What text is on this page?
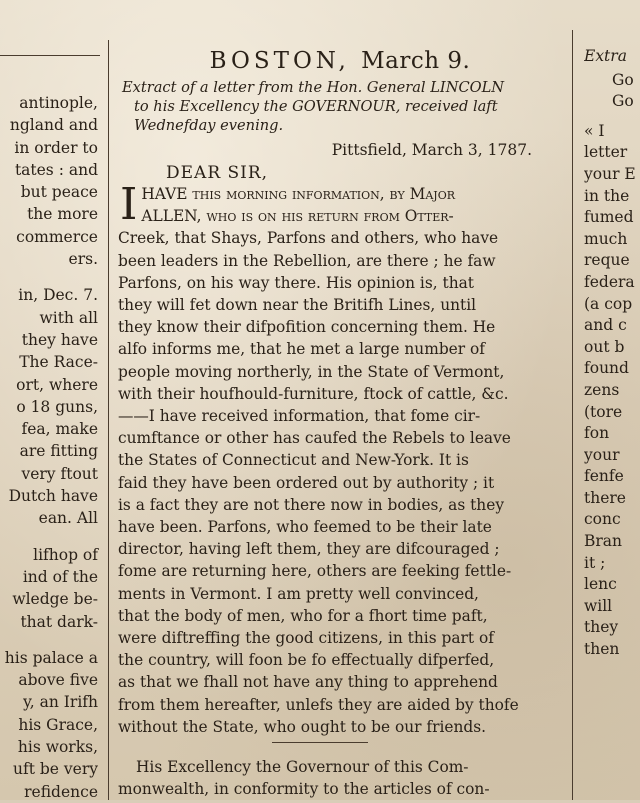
antinople,
ngland and
in order to
tates : and
but peace
the more
commerce
ers.
in, Dec. 7.
with all
they have
The Race-
ort, where
o 18 guns,
fea, make
are fitting
very ftout
Dutch have
ean. All
lifhop of
ind of the
wledge be-
that dark-
his palace a
above five
y, an Irifh
his Grace,
his works,
uft be very
refidence
Extra
Go
Go
« I
letter
your E
in the
fumed
much
reque
federa
(a cop
and c
out b
found
zens
(tore
fon
your
fenfe
there
conc
Bran
it ;
lenc
will
they
then
BOSTON, March 9.
Extract of a letter from the Hon. General LINCOLN
to his Excellency the GOVERNOUR, received laft
Wednefday evening.
Pittsfield, March 3, 1787.
DEAR SIR,
I HAVE this morning information, by Major
ALLEN, who is on his return from Otter-
Creek, that Shays, Parfons and others, who have
been leaders in the Rebellion, are there ; he faw
Parfons, on his way there. His opinion is, that
they will fet down near the Britifh Lines, until
they know their difpofition concerning them. He
alfo informs me, that he met a large number of
people moving northerly, in the State of Vermont,
with their houfhould-furniture, ftock of cattle, &c.
——I have received information, that fome cir-
cumftance or other has caufed the Rebels to leave
the States of Connecticut and New-York. It is
faid they have been ordered out by authority ; it
is a fact they are not there now in bodies, as they
have been. Parfons, who feemed to be their late
director, having left them, they are difcouraged ;
fome are returning here, others are feeking fettle-
ments in Vermont. I am pretty well convinced,
that the body of men, who for a fhort time paft,
were diftreffing the good citizens, in this part of
the country, will foon be fo effectually difperfed,
as that we fhall not have any thing to apprehend
from them hereafter, unlefs they are aided by thofe
without the State, who ought to be our friends.
His Excellency the Governour of this Com-
monwealth, in conformity to the articles of con-
